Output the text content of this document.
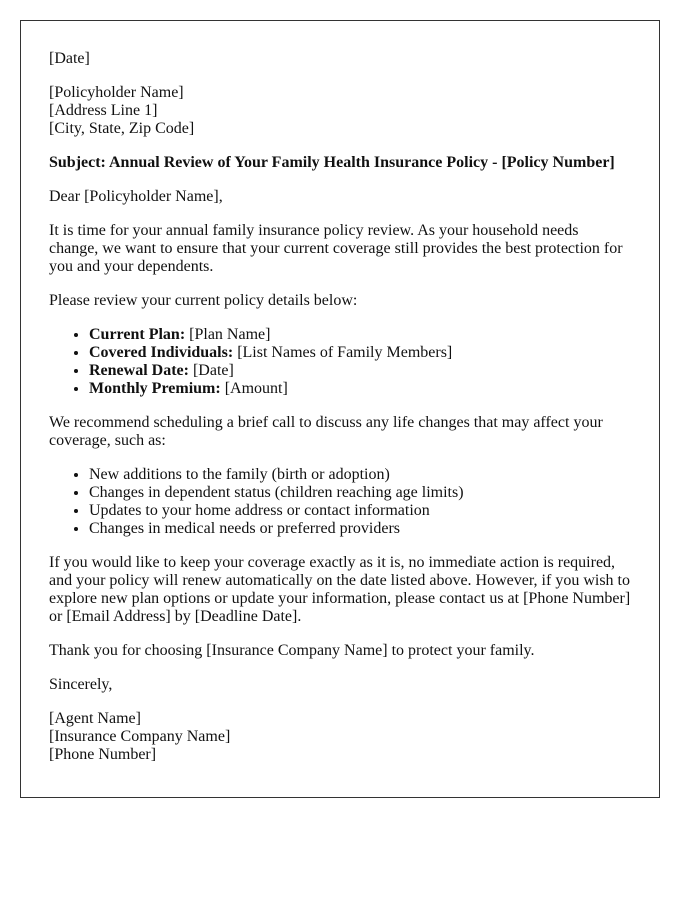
[Date]

[Policyholder Name]
[Address Line 1]
[City, State, Zip Code]

Subject: Annual Review of Your Family Health Insurance Policy - [Policy Number]

Dear [Policyholder Name],

It is time for your annual family insurance policy review. As your household needs change, we want to ensure that your current coverage still provides the best protection for you and your dependents.

Please review your current policy details below:

• Current Plan: [Plan Name]
• Covered Individuals: [List Names of Family Members]
• Renewal Date: [Date]
• Monthly Premium: [Amount]

We recommend scheduling a brief call to discuss any life changes that may affect your coverage, such as:

• New additions to the family (birth or adoption)
• Changes in dependent status (children reaching age limits)
• Updates to your home address or contact information
• Changes in medical needs or preferred providers

If you would like to keep your coverage exactly as it is, no immediate action is required, and your policy will renew automatically on the date listed above. However, if you wish to explore new plan options or update your information, please contact us at [Phone Number] or [Email Address] by [Deadline Date].

Thank you for choosing [Insurance Company Name] to protect your family.

Sincerely,

[Agent Name]
[Insurance Company Name]
[Phone Number]
